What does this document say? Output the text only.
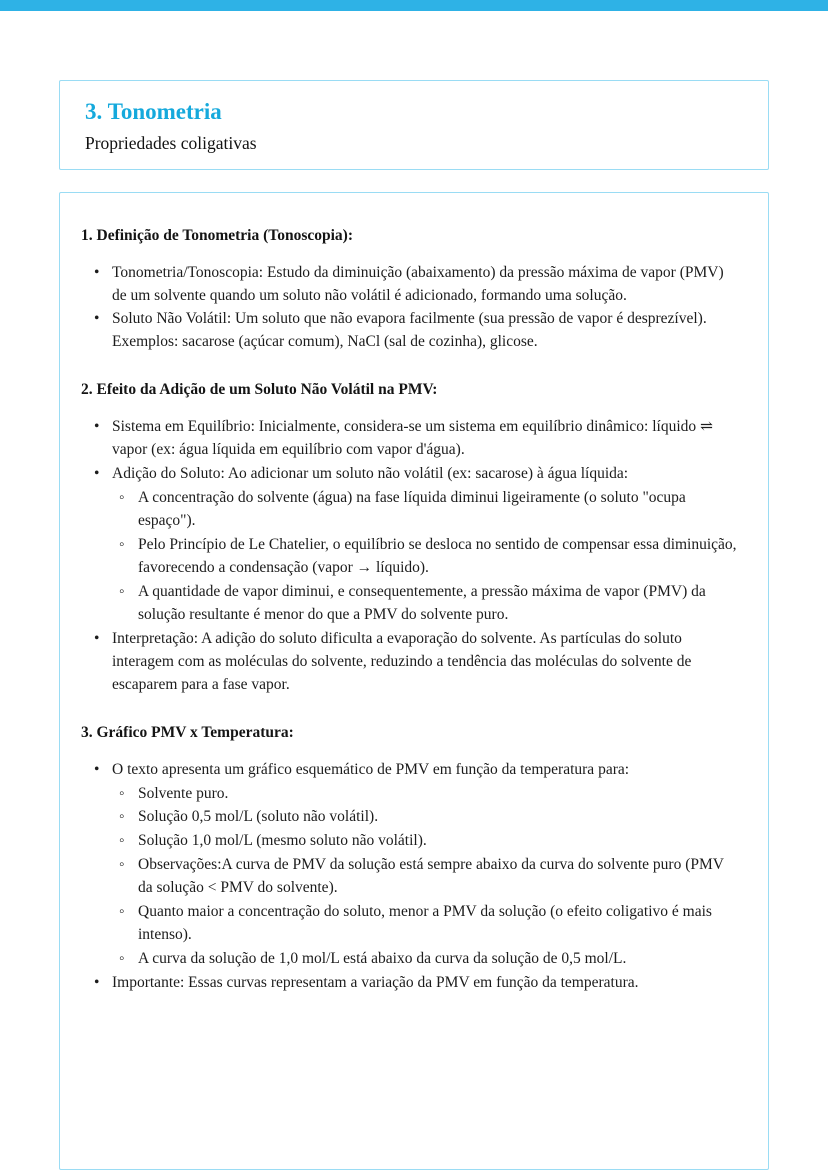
3. Tonometria
Propriedades coligativas
1. Definição de Tonometria (Tonoscopia):
• Tonometria/Tonoscopia: Estudo da diminuição (abaixamento) da pressão máxima de vapor (PMV) de um solvente quando um soluto não volátil é adicionado, formando uma solução.
• Soluto Não Volátil: Um soluto que não evapora facilmente (sua pressão de vapor é desprezível). Exemplos: sacarose (açúcar comum), NaCl (sal de cozinha), glicose.
2. Efeito da Adição de um Soluto Não Volátil na PMV:
• Sistema em Equilíbrio: Inicialmente, considera-se um sistema em equilíbrio dinâmico: líquido ⇌ vapor (ex: água líquida em equilíbrio com vapor d'água).
• Adição do Soluto: Ao adicionar um soluto não volátil (ex: sacarose) à água líquida:
◦ A concentração do solvente (água) na fase líquida diminui ligeiramente (o soluto "ocupa espaço").
◦ Pelo Princípio de Le Chatelier, o equilíbrio se desloca no sentido de compensar essa diminuição, favorecendo a condensação (vapor → líquido).
◦ A quantidade de vapor diminui, e consequentemente, a pressão máxima de vapor (PMV) da solução resultante é menor do que a PMV do solvente puro.
• Interpretação: A adição do soluto dificulta a evaporação do solvente. As partículas do soluto interagem com as moléculas do solvente, reduzindo a tendência das moléculas do solvente de escaparem para a fase vapor.
3. Gráfico PMV x Temperatura:
• O texto apresenta um gráfico esquemático de PMV em função da temperatura para:
◦ Solvente puro.
◦ Solução 0,5 mol/L (soluto não volátil).
◦ Solução 1,0 mol/L (mesmo soluto não volátil).
◦ Observações:A curva de PMV da solução está sempre abaixo da curva do solvente puro (PMV da solução < PMV do solvente).
◦ Quanto maior a concentração do soluto, menor a PMV da solução (o efeito coligativo é mais intenso).
◦ A curva da solução de 1,0 mol/L está abaixo da curva da solução de 0,5 mol/L.
• Importante: Essas curvas representam a variação da PMV em função da temperatura.
